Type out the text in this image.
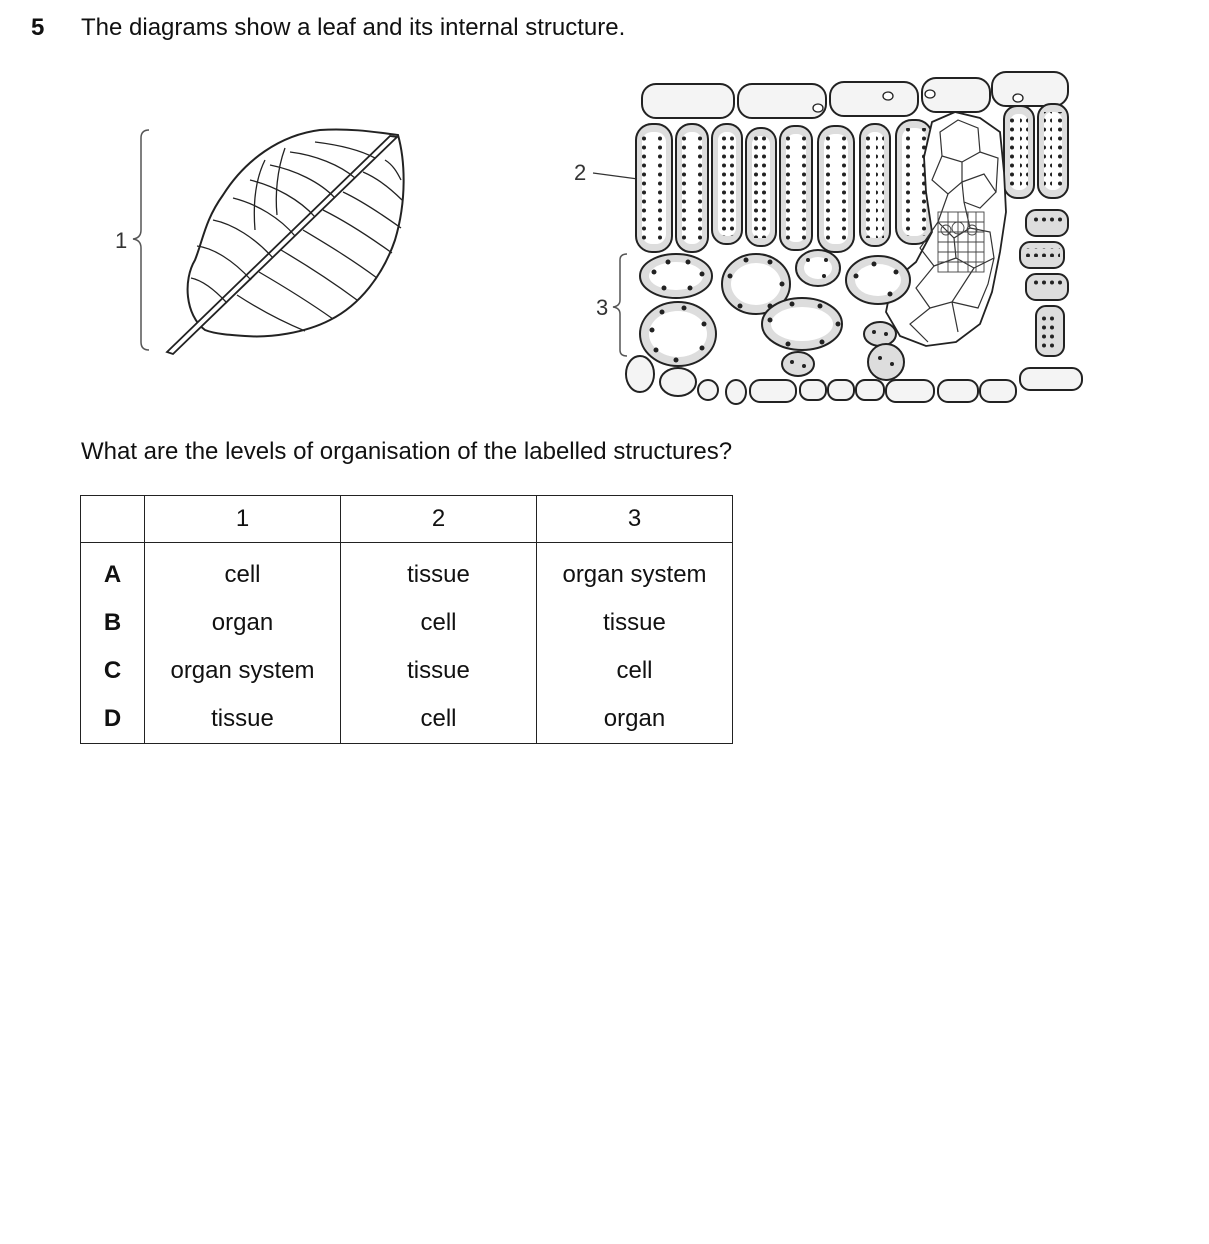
5 The diagrams show a leaf and its internal structure.
1
2
3
What are the levels of organisation of the labelled structures?
	1	2	3
A	cell	tissue	organ system
B	organ	cell	tissue
C	organ system	tissue	cell
D	tissue	cell	organ
